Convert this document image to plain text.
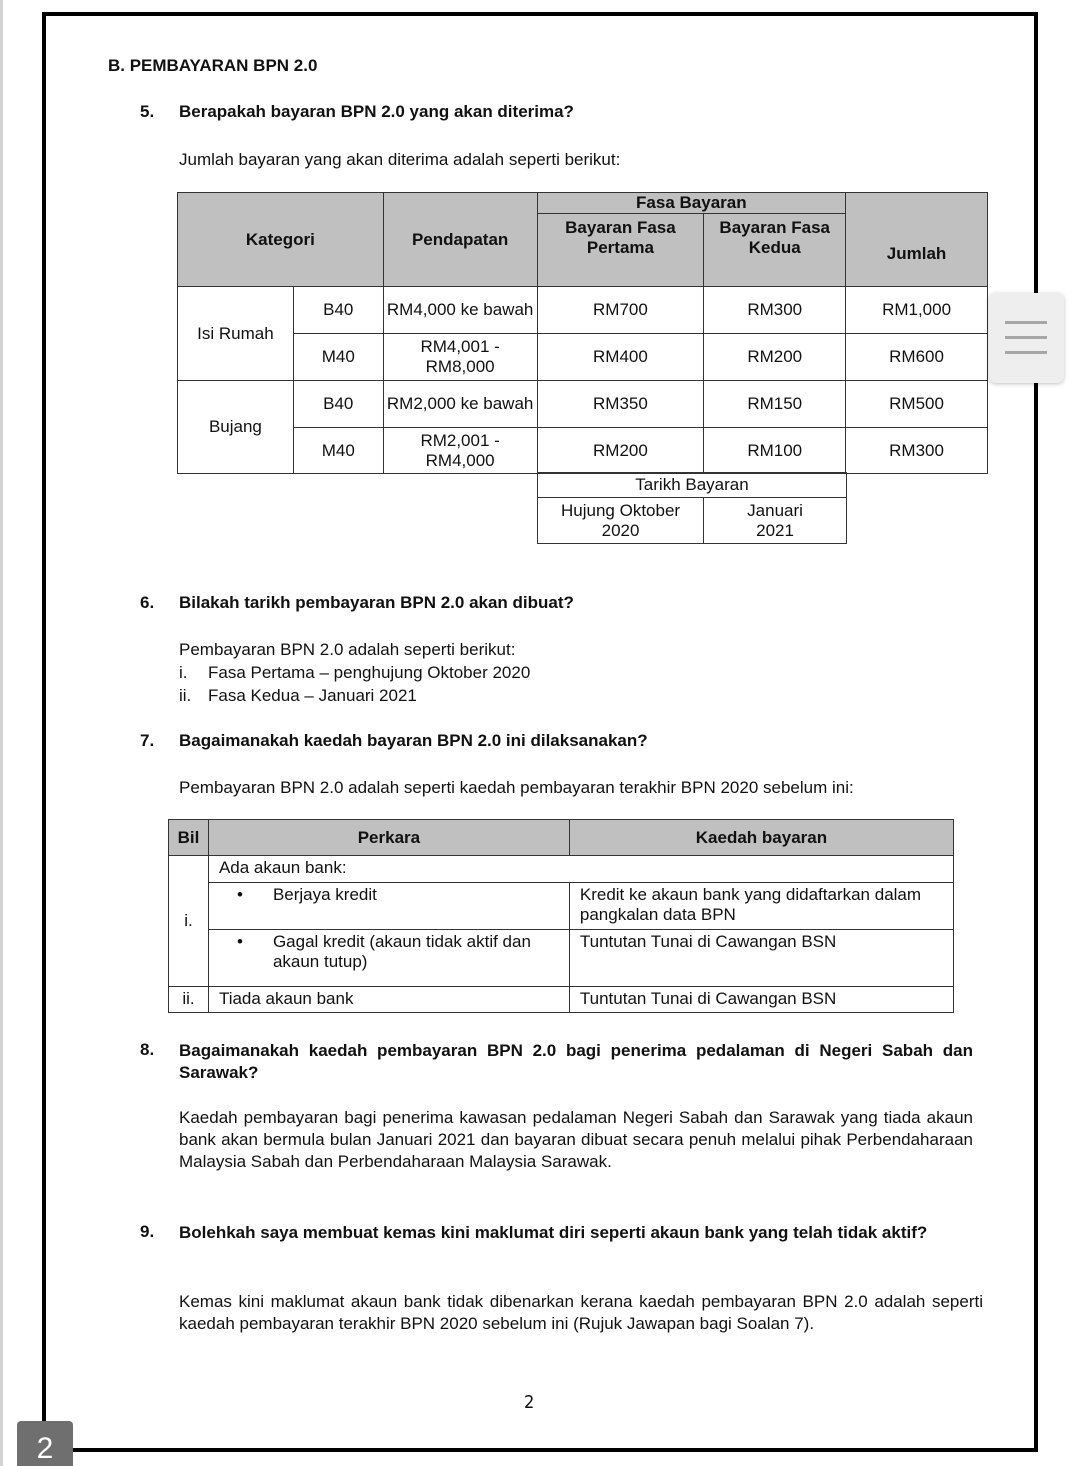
B. PEMBAYARAN BPN 2.0
5. Berapakah bayaran BPN 2.0 yang akan diterima?
Jumlah bayaran yang akan diterima adalah seperti berikut:
Kategori		Pendapatan	Fasa Bayaran		Jumlah
			Bayaran Fasa Pertama	Bayaran Fasa Kedua	
Isi Rumah	B40	RM4,000 ke bawah	RM700	RM300	RM1,000
	M40	RM4,001 - RM8,000	RM400	RM200	RM600
Bujang	B40	RM2,000 ke bawah	RM350	RM150	RM500
	M40	RM2,001 - RM4,000	RM200	RM100	RM300
Tarikh Bayaran
Hujung Oktober 2020	Januari 2021
6. Bilakah tarikh pembayaran BPN 2.0 akan dibuat?
Pembayaran BPN 2.0 adalah seperti berikut:
i. Fasa Pertama – penghujung Oktober 2020
ii. Fasa Kedua – Januari 2021
7. Bagaimanakah kaedah bayaran BPN 2.0 ini dilaksanakan?
Pembayaran BPN 2.0 adalah seperti kaedah pembayaran terakhir BPN 2020 sebelum ini:
Bil	Perkara	Kaedah bayaran
i.	Ada akaun bank:	

	• Berjaya kredit	Kredit ke akaun bank yang didaftarkan dalam pangkalan data BPN

	• Gagal kredit (akaun tidak aktif dan akaun tutup)	Tuntutan Tunai di Cawangan BSN
ii.	Tiada akaun bank	Tuntutan Tunai di Cawangan BSN
8. Bagaimanakah kaedah pembayaran BPN 2.0 bagi penerima pedalaman di Negeri Sabah dan Sarawak?
Kaedah pembayaran bagi penerima kawasan pedalaman Negeri Sabah dan Sarawak yang tiada akaun bank akan bermula bulan Januari 2021 dan bayaran dibuat secara penuh melalui pihak Perbendaharaan Malaysia Sabah dan Perbendaharaan Malaysia Sarawak.
9. Bolehkah saya membuat kemas kini maklumat diri seperti akaun bank yang telah tidak aktif?
Kemas kini maklumat akaun bank tidak dibenarkan kerana kaedah pembayaran BPN 2.0 adalah seperti kaedah pembayaran terakhir BPN 2020 sebelum ini (Rujuk Jawapan bagi Soalan 7).
2
2
